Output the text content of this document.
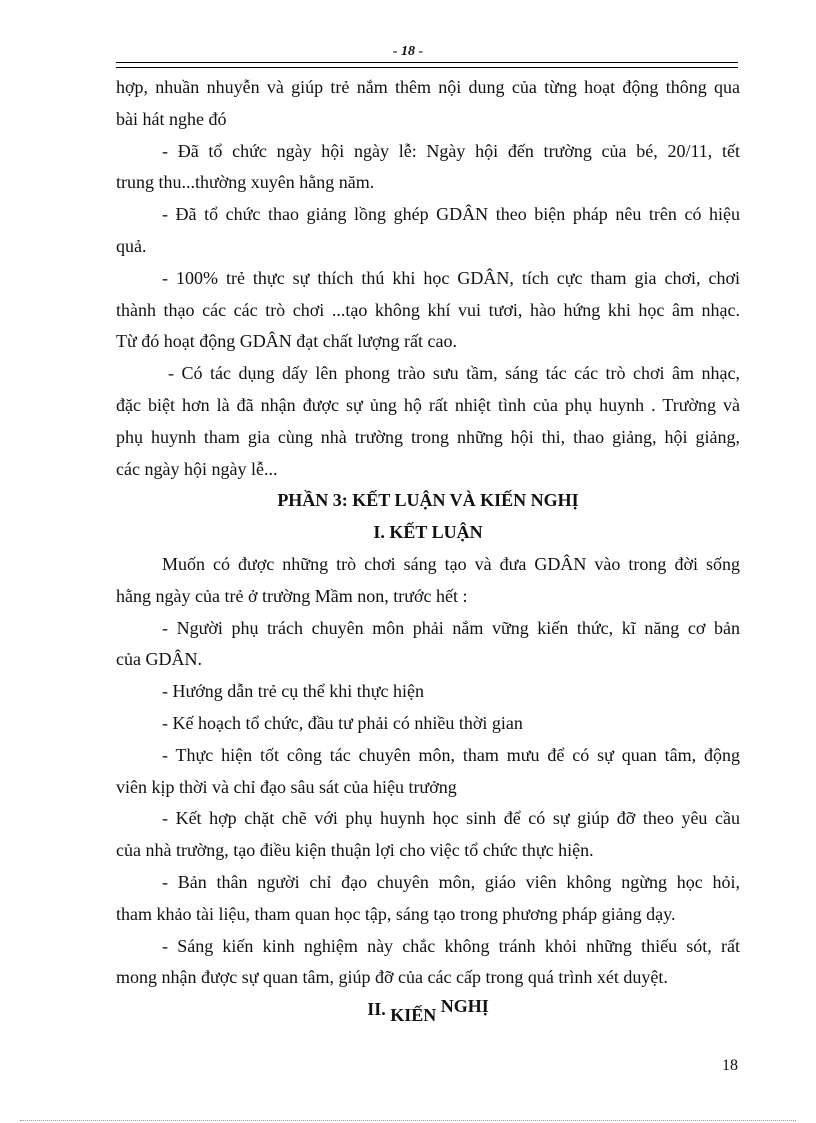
- 18 -
hợp, nhuần nhuyễn và giúp trẻ nắm thêm nội dung của từng hoạt động thông qua
bài hát nghe đó
- Đã tổ chức ngày hội ngày lễ: Ngày hội đến trường của bé, 20/11, tết
trung thu...thường xuyên hằng năm.
- Đã tổ chức thao giảng lồng ghép GDÂN theo biện pháp nêu trên có hiệu
quả.
- 100% trẻ thực sự thích thú khi học GDÂN, tích cực tham gia chơi, chơi
thành thạo các các trò chơi ...tạo không khí vui tươi, hào hứng khi học âm nhạc.
Từ đó hoạt động GDÂN đạt chất lượng rất cao.
- Có tác dụng dấy lên phong trào sưu tầm, sáng tác các trò chơi âm nhạc,
đặc biệt hơn là đã nhận được sự ủng hộ rất nhiệt tình của phụ huynh . Trường và
phụ huynh tham gia cùng nhà trường trong những hội thi, thao giảng, hội giảng,
các ngày hội ngày lễ...
PHẦN 3: KẾT LUẬN VÀ KIẾN NGHỊ
I. KẾT LUẬN
Muốn có được những trò chơi sáng tạo và đưa GDÂN vào trong đời sống
hằng ngày của trẻ ở trường Mầm non, trước hết :
- Người phụ trách chuyên môn phải nắm vững kiến thức, kĩ năng cơ bản
của GDÂN.
- Hướng dẫn trẻ cụ thể khi thực hiện
- Kế hoạch tổ chức, đầu tư phải có nhiều thời gian
- Thực hiện tốt công tác chuyên môn, tham mưu để có sự quan tâm, động
viên kịp thời và chỉ đạo sâu sát của hiệu trưởng
- Kết hợp chặt chẽ với phụ huynh học sinh để có sự giúp đỡ theo yêu cầu
của nhà trường, tạo điều kiện thuận lợi cho việc tổ chức thực hiện.
- Bản thân người chỉ đạo chuyên môn, giáo viên không ngừng học hỏi,
tham khảo tài liệu, tham quan học tập, sáng tạo trong phương pháp giảng dạy.
- Sáng kiến kinh nghiệm này chắc không tránh khỏi những thiếu sót, rất
mong nhận được sự quan tâm, giúp đỡ của các cấp trong quá trình xét duyệt.
II. KIẾN NGHỊ
18
